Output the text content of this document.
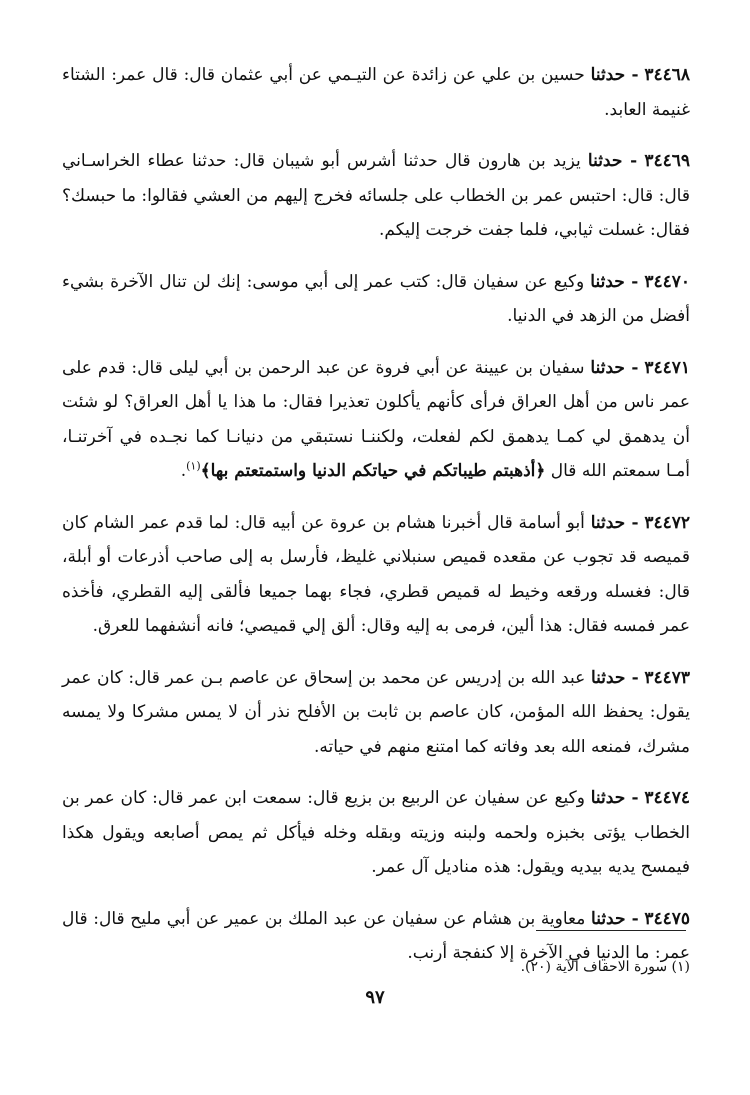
٣٤٤٦٨ - حدثنا حسين بن علي عن زائدة عن التيـمي عن أبي عثمان قال: قال عمر: الشتاء غنيمة العابد.

٣٤٤٦٩ - حدثنا يزيد بن هارون قال حدثنا أشرس أبو شيبان قال: حدثنا عطاء الخراسـاني قال: قال: احتبس عمر بن الخطاب على جلسائه فخرج إليهم من العشي فقالوا: ما حبسك؟ فقال: غسلت ثيابي، فلما جفت خرجت إليكم.

٣٤٤٧٠ - حدثنا وكيع عن سفيان قال: كتب عمر إلى أبي موسى: إنك لن تنال الآخرة بشيء أفضل من الزهد في الدنيا.

٣٤٤٧١ - حدثنا سفيان بن عيينة عن أبي فروة عن عبد الرحمن بن أبي ليلى قال: قدم على عمر ناس من أهل العراق فرأى كأنهم يأكلون تعذيرا فقال: ما هذا يا أهل العراق؟ لو شئت أن يدهمق لي كمـا يدهمق لكم لفعلت، ولكننـا نستبقي من دنيانـا كما نجـده في آخرتنـا، أمـا سمعتم الله قال ﴿أذهبتم طيباتكم في حياتكم الدنيا واستمتعتم بها﴾$^{(١)}$.

٣٤٤٧٢ - حدثنا أبو أسامة قال أخبرنا هشام بن عروة عن أبيه قال: لما قدم عمر الشام كان قميصه قد تجوب عن مقعده قميص سنبلاني غليظ، فأرسل به إلى صاحب أذرعات أو أبلة، قال: فغسله ورقعه وخيط له قميص قطري، فجاء بهما جميعا فألقى إليه القطري، فأخذه عمر فمسه فقال: هذا ألين، فرمى به إليه وقال: ألق إلي قميصي؛ فانه أنشفهما للعرق.

٣٤٤٧٣ - حدثنا عبد الله بن إدريس عن محمد بن إسحاق عن عاصم بـن عمر قال: كان عمر يقول: يحفظ الله المؤمن، كان عاصم بن ثابت بن الأفلح نذر أن لا يمس مشركا ولا يمسه مشرك، فمنعه الله بعد وفاته كما امتنع منهم في حياته.

٣٤٤٧٤ - حدثنا وكيع عن سفيان عن الربيع بن بزيع قال: سمعت ابن عمر قال: كان عمر بن الخطاب يؤتى بخبزه ولحمه ولبنه وزيته وبقله وخله فيأكل ثم يمص أصابعه ويقول هكذا فيمسح يديه بيديه ويقول: هذه مناديل آل عمر.

٣٤٤٧٥ - حدثنا معاوية بن هشام عن سفيان عن عبد الملك بن عمير عن أبي مليح قال: قال عمر: ما الدنيا في الآخرة إلا كنفجة أرنب.

(١) سورة الاحقاف الآية (٢٠).
٩٧
